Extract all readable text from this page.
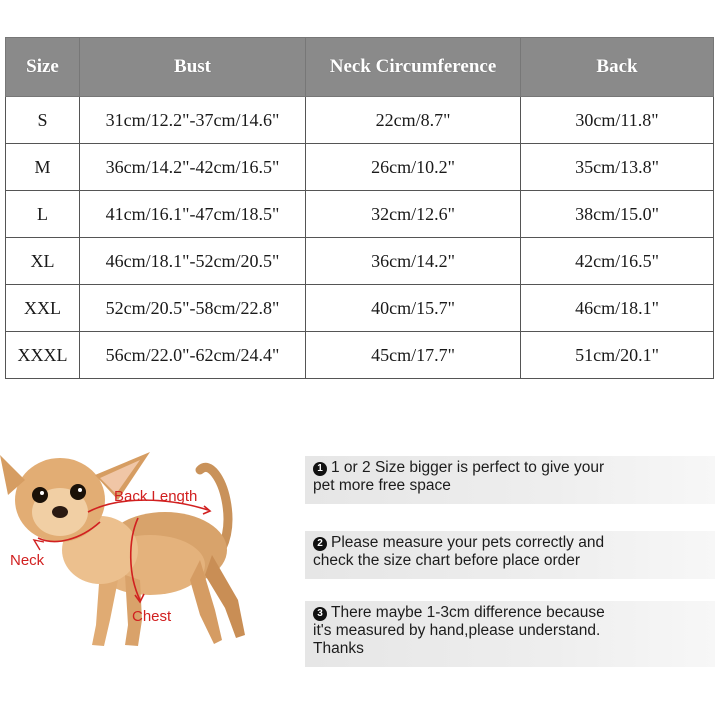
Size	Bust	Neck Circumference	Back
S	31cm/12.2"-37cm/14.6"	22cm/8.7"	30cm/11.8"
M	36cm/14.2"-42cm/16.5"	26cm/10.2"	35cm/13.8"
L	41cm/16.1"-47cm/18.5"	32cm/12.6"	38cm/15.0"
XL	46cm/18.1"-52cm/20.5"	36cm/14.2"	42cm/16.5"
XXL	52cm/20.5"-58cm/22.8"	40cm/15.7"	46cm/18.1"
XXXL	56cm/22.0"-62cm/24.4"	45cm/17.7"	51cm/20.1"
Back Length
Neck
Chest
1 1 or 2 Size bigger is perfect to give your
pet more free space
2 Please measure your pets correctly and
check the size chart before place order
3 There maybe 1-3cm difference because
it's measured by hand,please understand.
Thanks
